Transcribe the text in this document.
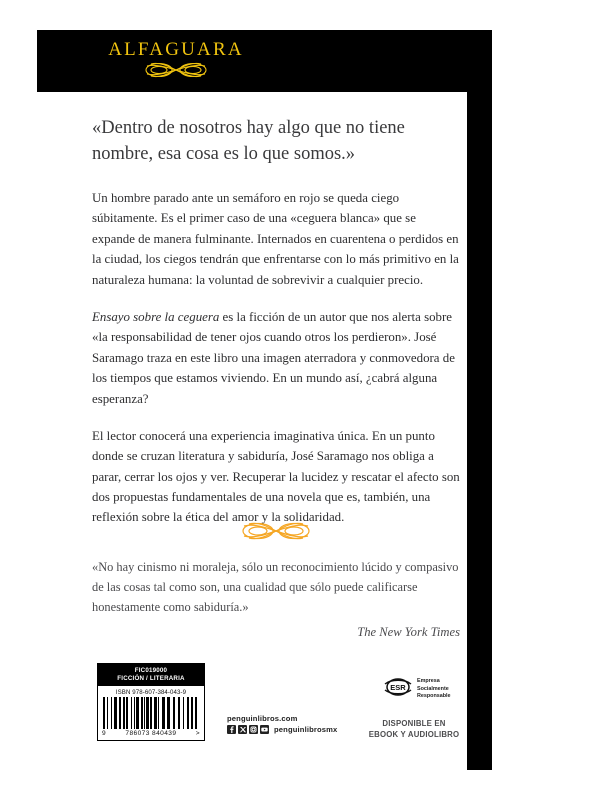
ALFAGUARA
«Dentro de nosotros hay algo que no tiene nombre, esa cosa es lo que somos.»

Un hombre parado ante un semáforo en rojo se queda ciego súbitamente. Es el primer caso de una «ceguera blanca» que se expande de manera fulminante. Internados en cuarentena o perdidos en la ciudad, los ciegos tendrán que enfrentarse con lo más primitivo en la naturaleza humana: la voluntad de sobrevivir a cualquier precio.

Ensayo sobre la ceguera es la ficción de un autor que nos alerta sobre «la responsabilidad de tener ojos cuando otros los perdieron». José Saramago traza en este libro una imagen aterradora y conmovedora de los tiempos que estamos viviendo. En un mundo así, ¿cabrá alguna esperanza?

El lector conocerá una experiencia imaginativa única. En un punto donde se cruzan literatura y sabiduría, José Saramago nos obliga a parar, cerrar los ojos y ver. Recuperar la lucidez y rescatar el afecto son dos propuestas fundamentales de una novela que es, también, una reflexión sobre la ética del amor y la solidaridad.

«No hay cinismo ni moraleja, sólo un reconocimiento lúcido y compasivo de las cosas tal como son, una cualidad que sólo puede calificarse honestamente como sabiduría.»

The New York Times
FIC019000
FICCIÓN / LITERARIA
ISBN 978-607-384-043-9
9	786073 840439	>
penguinlibros.com
penguinlibrosmx
ESR
Empresa
Socialmente
Responsable
DISPONIBLE EN
EBOOK Y AUDIOLIBRO
